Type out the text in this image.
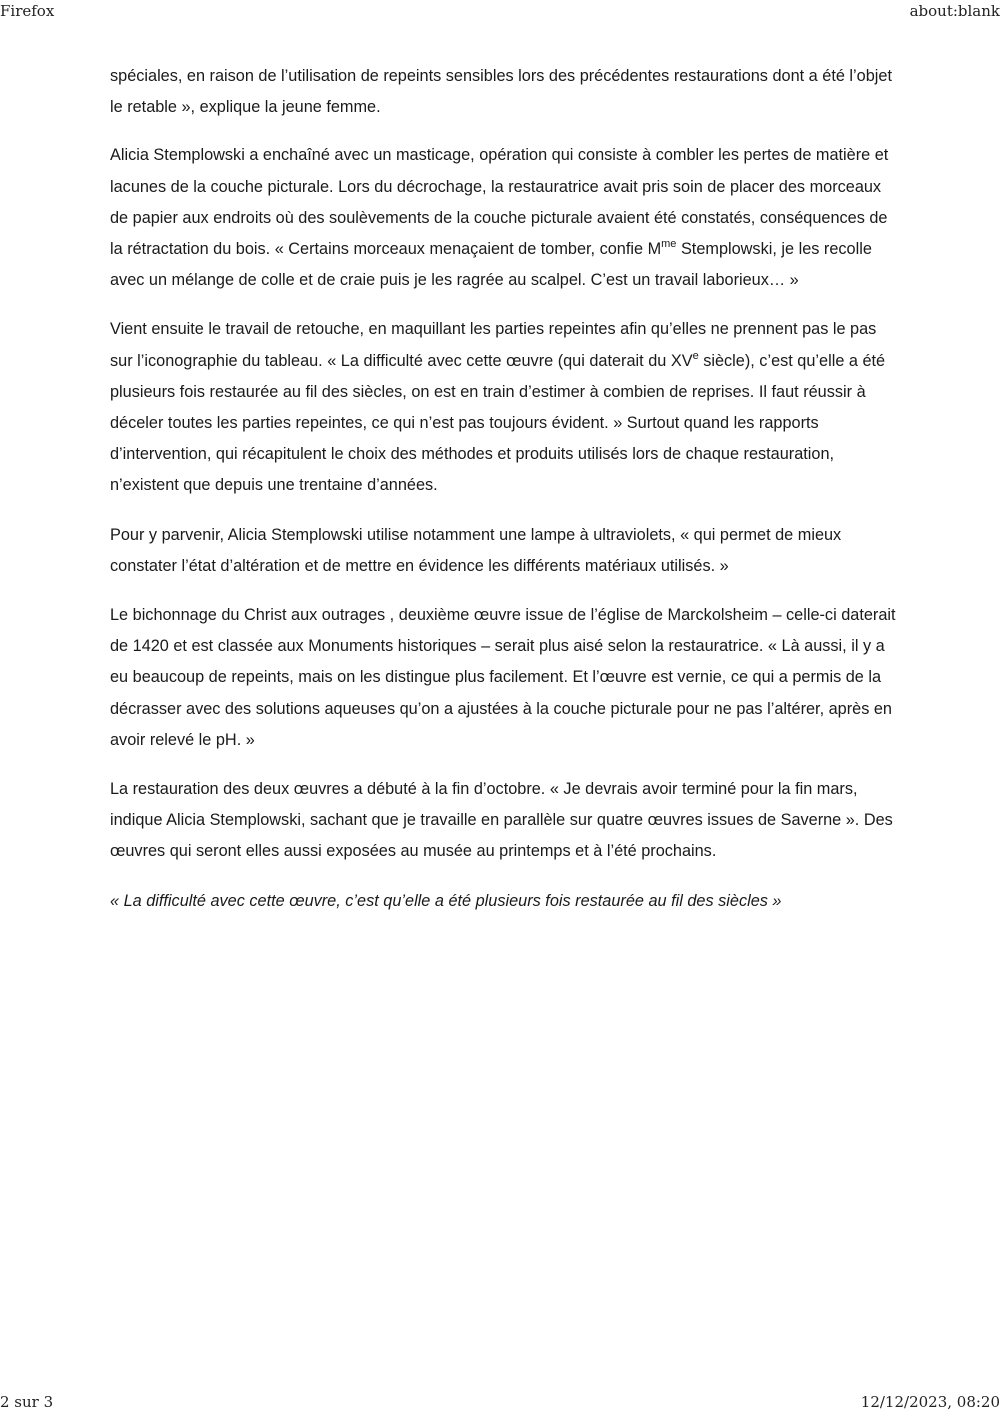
Firefox	about:blank

spéciales, en raison de l’utilisation de repeints sensibles lors des précédentes restaurations dont a été l’objet le retable », explique la jeune femme.

Alicia Stemplowski a enchaîné avec un masticage, opération qui consiste à combler les pertes de matière et lacunes de la couche picturale. Lors du décrochage, la restauratrice avait pris soin de placer des morceaux de papier aux endroits où des soulèvements de la couche picturale avaient été constatés, conséquences de la rétractation du bois. « Certains morceaux menaçaient de tomber, confie $M^{me}$ Stemplowski, je les recolle avec un mélange de colle et de craie puis je les ragrée au scalpel. C’est un travail laborieux… »

Vient ensuite le travail de retouche, en maquillant les parties repeintes afin qu’elles ne prennent pas le pas sur l’iconographie du tableau. « La difficulté avec cette œuvre (qui daterait du XVe siècle), c’est qu’elle a été plusieurs fois restaurée au fil des siècles, on est en train d’estimer à combien de reprises. Il faut réussir à déceler toutes les parties repeintes, ce qui n’est pas toujours évident. » Surtout quand les rapports d’intervention, qui récapitulent le choix des méthodes et produits utilisés lors de chaque restauration, n’existent que depuis une trentaine d’années.

Pour y parvenir, Alicia Stemplowski utilise notamment une lampe à ultraviolets, « qui permet de mieux constater l’état d’altération et de mettre en évidence les différents matériaux utilisés. »

Le bichonnage du Christ aux outrages , deuxième œuvre issue de l’église de Marckolsheim – celle-ci daterait de 1420 et est classée aux Monuments historiques – serait plus aisé selon la restauratrice. « Là aussi, il y a eu beaucoup de repeints, mais on les distingue plus facilement. Et l’œuvre est vernie, ce qui a permis de la décrasser avec des solutions aqueuses qu’on a ajustées à la couche picturale pour ne pas l’altérer, après en avoir relevé le pH. »

La restauration des deux œuvres a débuté à la fin d’octobre. « Je devrais avoir terminé pour la fin mars, indique Alicia Stemplowski, sachant que je travaille en parallèle sur quatre œuvres issues de Saverne ». Des œuvres qui seront elles aussi exposées au musée au printemps et à l’été prochains.

« La difficulté avec cette œuvre, c’est qu’elle a été plusieurs fois restaurée au fil des siècles »

2 sur 3	12/12/2023, 08:20
